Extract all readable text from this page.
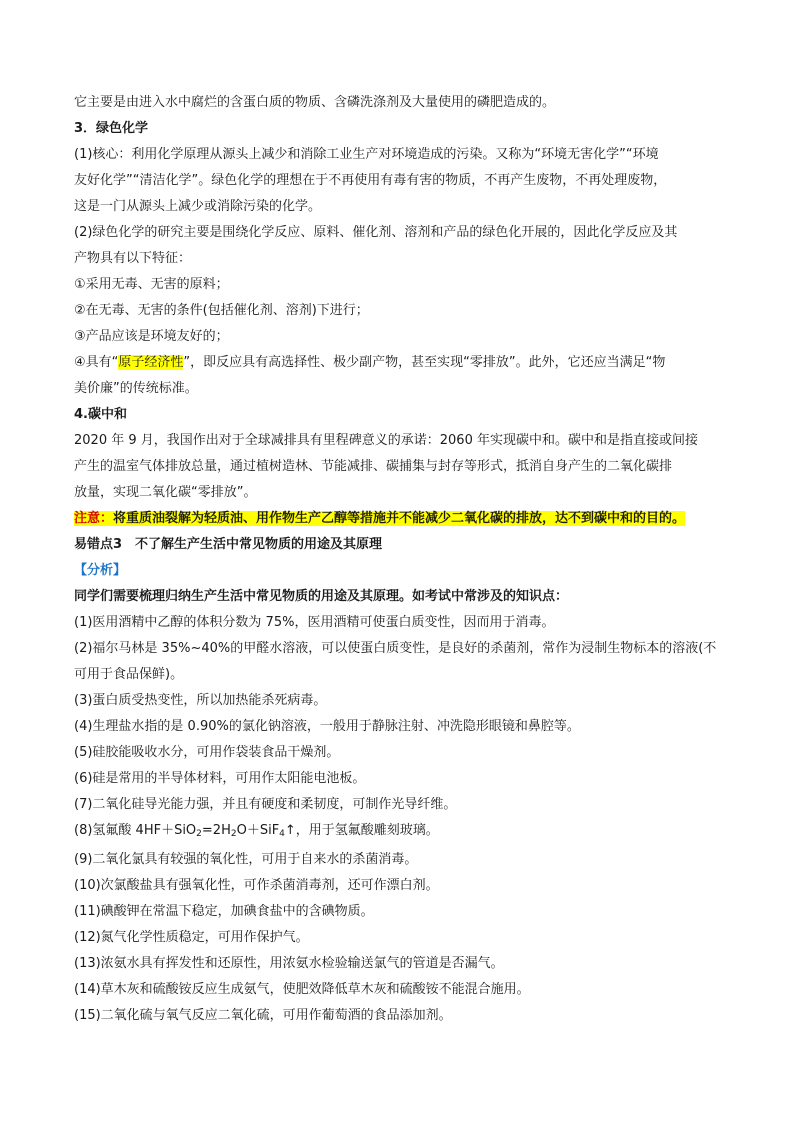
它主要是由进入水中腐烂的含蛋白质的物质、含磷洗涤剂及大量使用的磷肥造成的。

3．绿色化学

(1)核心：利用化学原理从源头上减少和消除工业生产对环境造成的污染。又称为“环境无害化学”“环境

友好化学”“清洁化学”。绿色化学的理想在于不再使用有毒有害的物质，不再产生废物，不再处理废物，

这是一门从源头上减少或消除污染的化学。

(2)绿色化学的研究主要是围绕化学反应、原料、催化剂、溶剂和产品的绿色化开展的，因此化学反应及其

产物具有以下特征：

①采用无毒、无害的原料；

②在无毒、无害的条件(包括催化剂、溶剂)下进行；

③产品应该是环境友好的；

④具有“原子经济性”，即反应具有高选择性、极少副产物，甚至实现“零排放”。此外，它还应当满足“物

美价廉”的传统标准。

4.碳中和

2020 年 9 月，我国作出对于全球减排具有里程碑意义的承诺：2060 年实现碳中和。碳中和是指直接或间接

产生的温室气体排放总量，通过植树造林、节能减排、碳捕集与封存等形式，抵消自身产生的二氧化碳排

放量，实现二氧化碳“零排放”。

注意：将重质油裂解为轻质油、用作物生产乙醇等措施并不能减少二氧化碳的排放，达不到碳中和的目的。

易错点3　不了解生产生活中常见物质的用途及其原理

【分析】

同学们需要梳理归纳生产生活中常见物质的用途及其原理。如考试中常涉及的知识点：

(1)医用酒精中乙醇的体积分数为 75%，医用酒精可使蛋白质变性，因而用于消毒。

(2)福尔马林是 35%~40%的甲醛水溶液，可以使蛋白质变性，是良好的杀菌剂，常作为浸制生物标本的溶液(不

可用于食品保鲜)。

(3)蛋白质受热变性，所以加热能杀死病毒。

(4)生理盐水指的是 0.90%的氯化钠溶液，一般用于静脉注射、冲洗隐形眼镜和鼻腔等。

(5)硅胶能吸收水分，可用作袋装食品干燥剂。

(6)硅是常用的半导体材料，可用作太阳能电池板。

(7)二氧化硅导光能力强，并且有硬度和柔韧度，可制作光导纤维。

(8)氢氟酸 $4HF+SiO_2=2H_2O+SiF_4↑$，用于氢氟酸雕刻玻璃。

(9)二氧化氯具有较强的氧化性，可用于自来水的杀菌消毒。

(10)次氯酸盐具有强氧化性，可作杀菌消毒剂，还可作漂白剂。

(11)碘酸钾在常温下稳定，加碘食盐中的含碘物质。

(12)氮气化学性质稳定，可用作保护气。

(13)浓氨水具有挥发性和还原性，用浓氨水检验输送氯气的管道是否漏气。

(14)草木灰和硫酸铵反应生成氨气，使肥效降低草木灰和硫酸铵不能混合施用。

(15)二氧化硫与氧气反应二氧化硫，可用作葡萄酒的食品添加剂。
